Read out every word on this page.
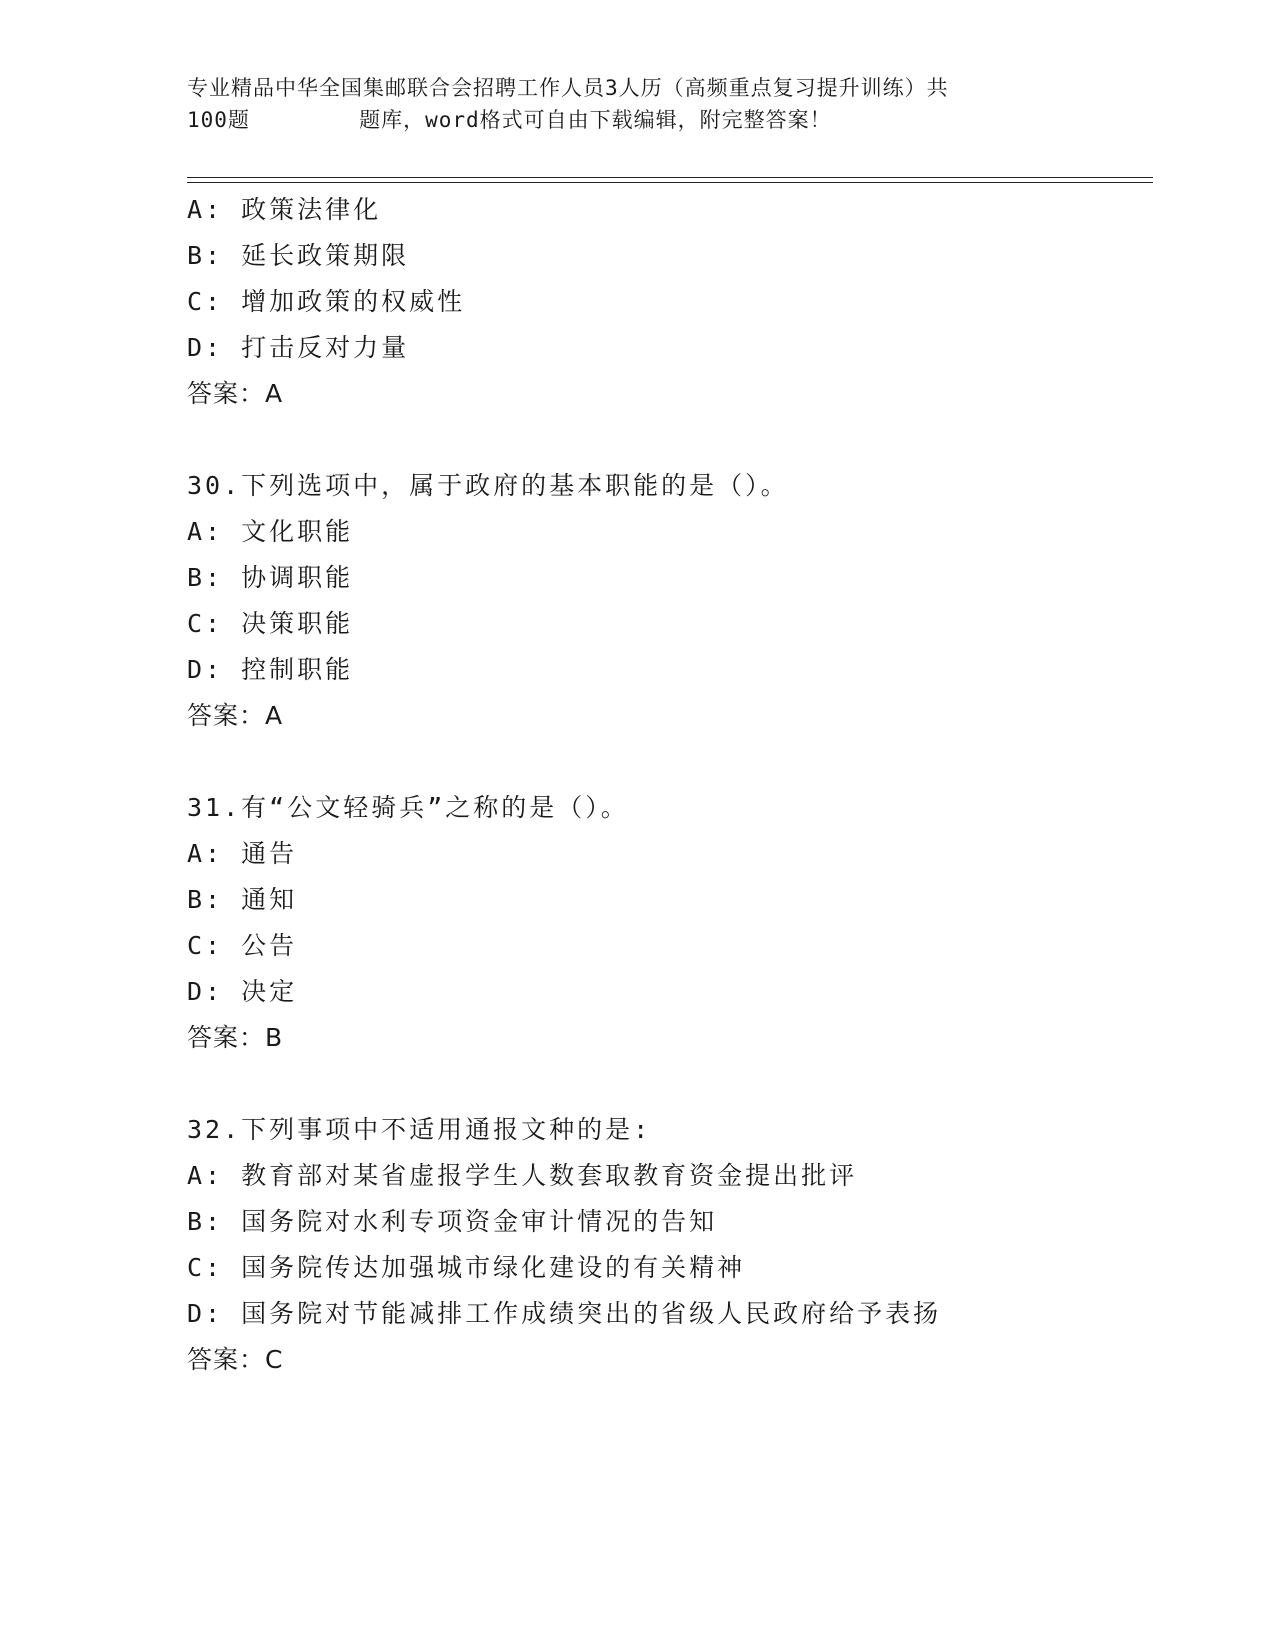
专业精品中华全国集邮联合会招聘工作人员3人历（高频重点复习提升训练）共
100题        题库，word格式可自由下载编辑，附完整答案！
A: 政策法律化
B: 延长政策期限
C: 增加政策的权威性
D: 打击反对力量
答案：A
30.下列选项中，属于政府的基本职能的是（）。
A: 文化职能
B: 协调职能
C: 决策职能
D: 控制职能
答案：A
31.有“公文轻骑兵”之称的是（）。
A: 通告
B: 通知
C: 公告
D: 决定
答案：B
32.下列事项中不适用通报文种的是:
A: 教育部对某省虚报学生人数套取教育资金提出批评
B: 国务院对水利专项资金审计情况的告知
C: 国务院传达加强城市绿化建设的有关精神
D: 国务院对节能减排工作成绩突出的省级人民政府给予表扬
答案：C
